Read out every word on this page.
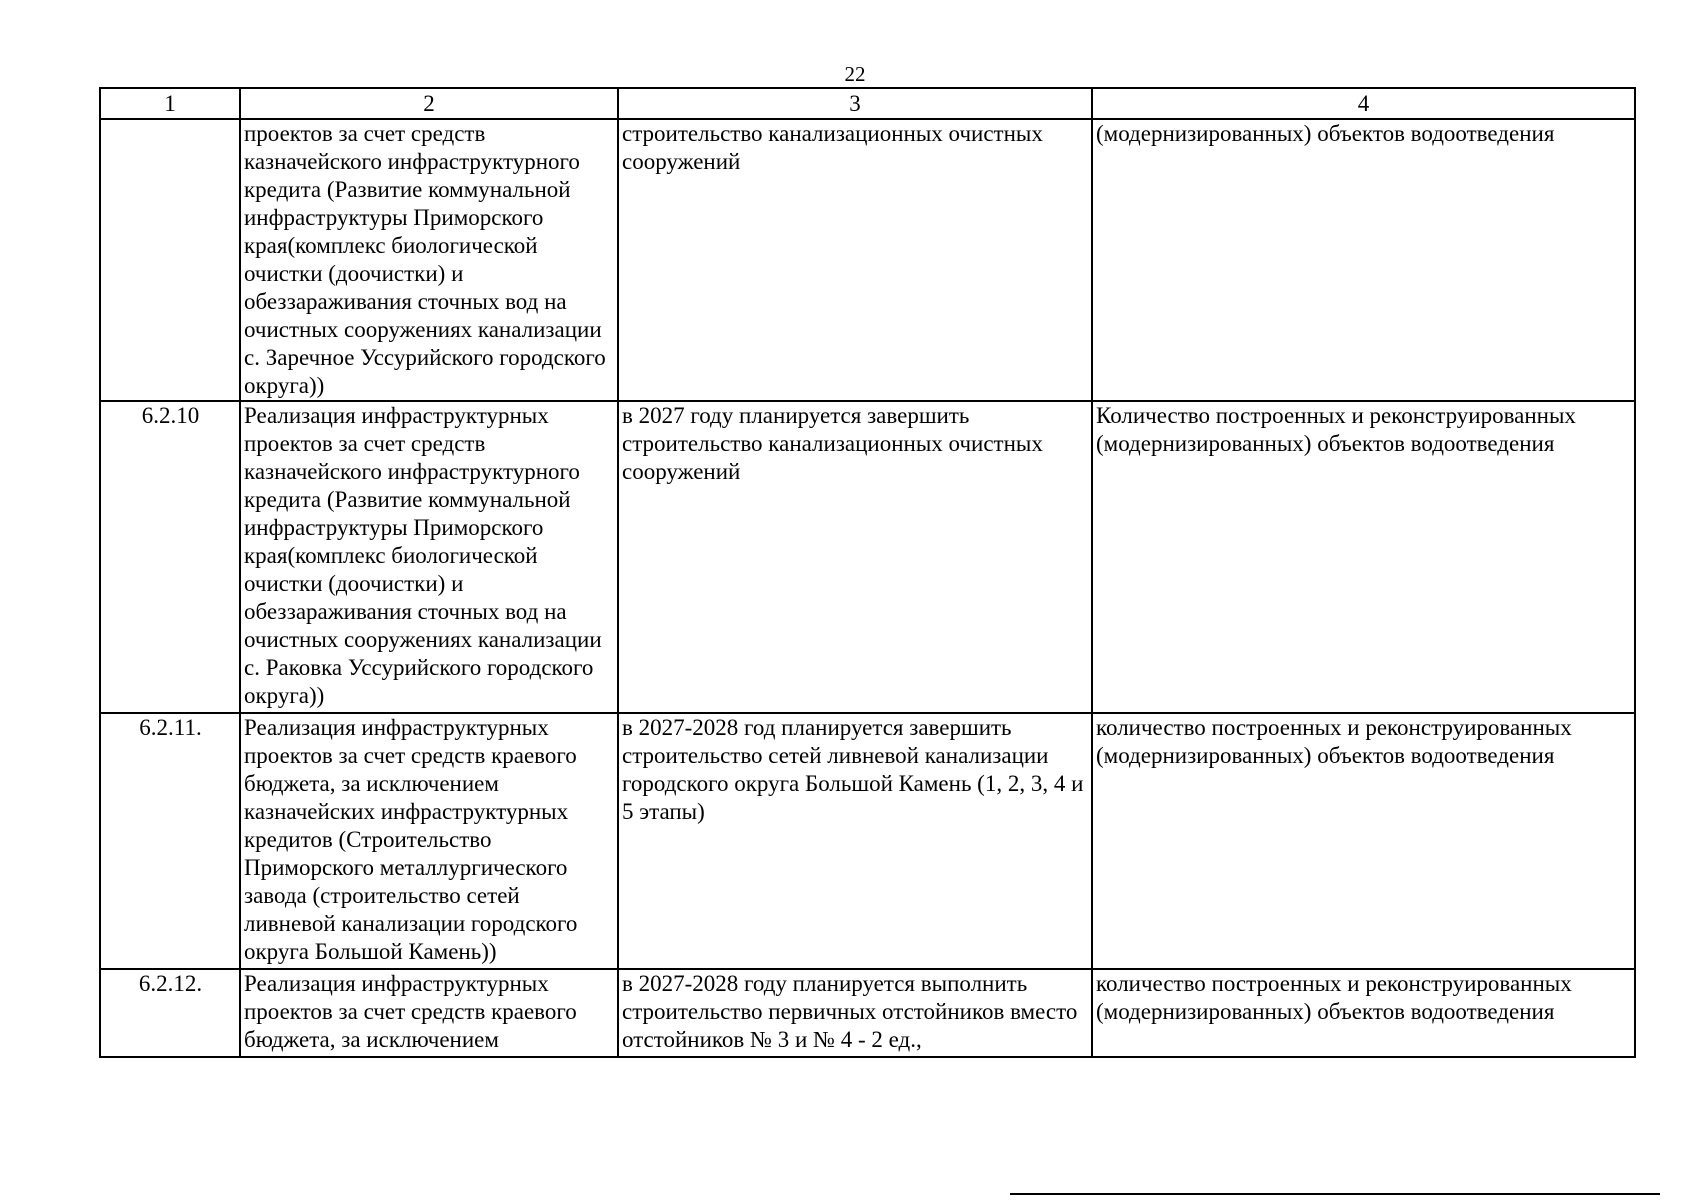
22
1	2	3	4
	проектов за счет средств казначейского инфраструктурного кредита (Развитие коммунальной инфраструктуры Приморского края(комплекс биологической очистки (доочистки) и обеззараживания сточных вод на очистных сооружениях канализации с. Заречное Уссурийского городского округа))	строительство канализационных очистных сооружений	(модернизированных) объектов водоотведения
6.2.10	Реализация инфраструктурных проектов за счет средств казначейского инфраструктурного кредита (Развитие коммунальной инфраструктуры Приморского края(комплекс биологической очистки (доочистки) и обеззараживания сточных вод на очистных сооружениях канализации с. Раковка Уссурийского городского округа))	в 2027 году планируется завершить строительство канализационных очистных сооружений	Количество построенных и реконструированных (модернизированных) объектов водоотведения
6.2.11.	Реализация инфраструктурных проектов за счет средств краевого бюджета, за исключением казначейских инфраструктурных кредитов (Строительство Приморского металлургического завода (строительство сетей ливневой канализации городского округа Большой Камень))	в 2027-2028 год планируется завершить строительство сетей ливневой канализации городского округа Большой Камень (1, 2, 3, 4 и 5 этапы)	количество построенных и реконструированных (модернизированных) объектов водоотведения
6.2.12.	Реализация инфраструктурных проектов за счет средств краевого бюджета, за исключением	в 2027-2028 году планируется выполнить строительство первичных отстойников вместо отстойников № 3 и № 4 - 2 ед.,	количество построенных и реконструированных (модернизированных) объектов водоотведения
